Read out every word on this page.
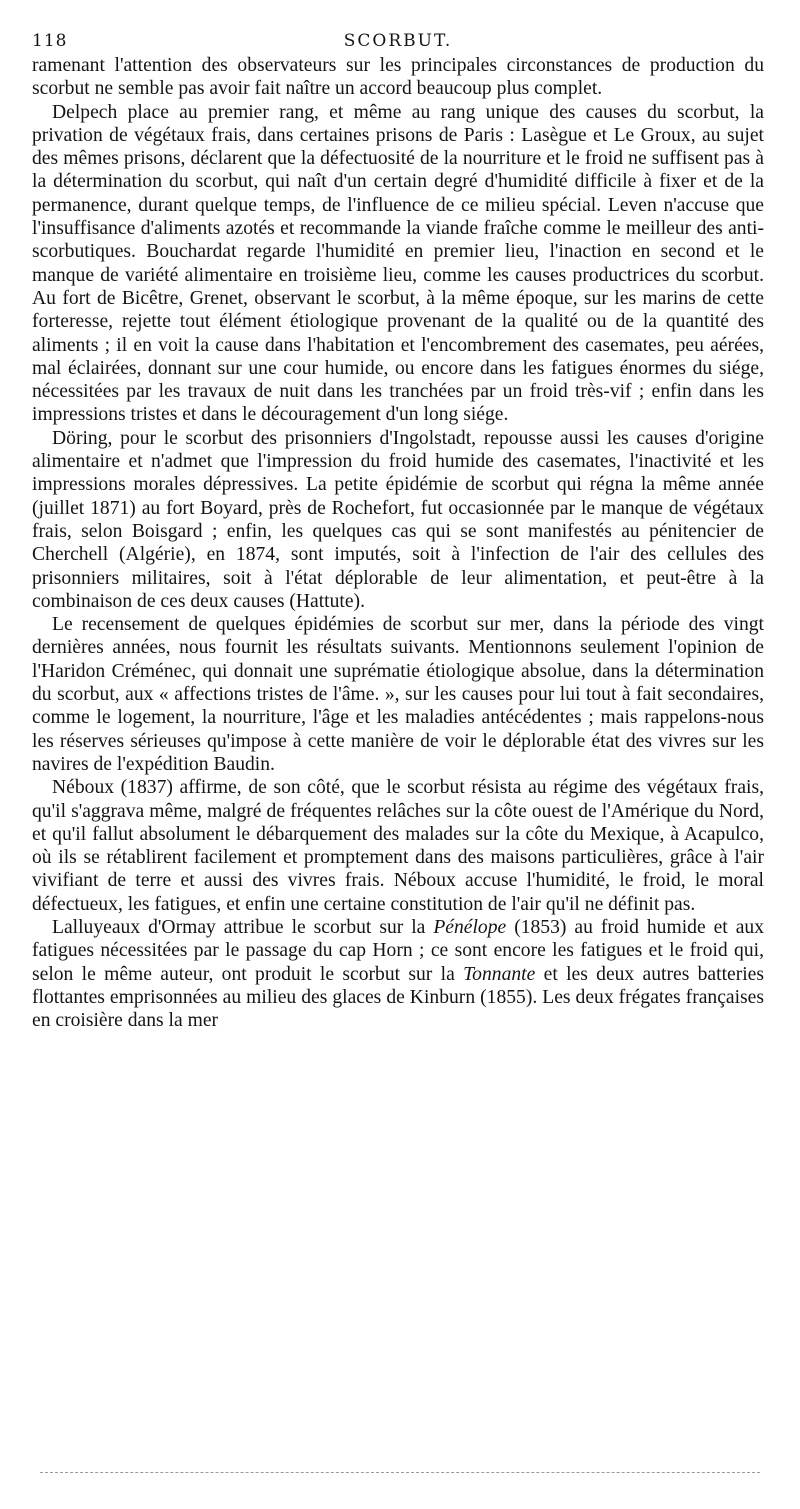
118	SCORBUT.

ramenant l'attention des observateurs sur les principales circonstances de production du scorbut ne semble pas avoir fait naître un accord beaucoup plus complet.

Delpech place au premier rang, et même au rang unique des causes du scorbut, la privation de végétaux frais, dans certaines prisons de Paris : Lasègue et Le Groux, au sujet des mêmes prisons, déclarent que la défectuosité de la nourriture et le froid ne suffisent pas à la détermination du scorbut, qui naît d'un certain degré d'humidité difficile à fixer et de la permanence, durant quelque temps, de l'influence de ce milieu spécial. Leven n'accuse que l'insuffisance d'aliments azotés et recommande la viande fraîche comme le meilleur des anti-scorbutiques. Bouchardat regarde l'humidité en premier lieu, l'inaction en second et le manque de variété alimentaire en troisième lieu, comme les causes productrices du scorbut. Au fort de Bicêtre, Grenet, observant le scorbut, à la même époque, sur les marins de cette forteresse, rejette tout élément étiologique provenant de la qualité ou de la quantité des aliments ; il en voit la cause dans l'habitation et l'encombrement des casemates, peu aérées, mal éclairées, donnant sur une cour humide, ou encore dans les fatigues énormes du siége, nécessitées par les travaux de nuit dans les tranchées par un froid très-vif ; enfin dans les impressions tristes et dans le découragement d'un long siége.

Döring, pour le scorbut des prisonniers d'Ingolstadt, repousse aussi les causes d'origine alimentaire et n'admet que l'impression du froid humide des casemates, l'inactivité et les impressions morales dépressives. La petite épidémie de scorbut qui régna la même année (juillet 1871) au fort Boyard, près de Rochefort, fut occasionnée par le manque de végétaux frais, selon Boisgard ; enfin, les quelques cas qui se sont manifestés au pénitencier de Cherchell (Algérie), en 1874, sont imputés, soit à l'infection de l'air des cellules des prisonniers militaires, soit à l'état déplorable de leur alimentation, et peut-être à la combinaison de ces deux causes (Hattute).

Le recensement de quelques épidémies de scorbut sur mer, dans la période des vingt dernières années, nous fournit les résultats suivants. Mentionnons seulement l'opinion de l'Haridon Créménec, qui donnait une suprématie étiologique absolue, dans la détermination du scorbut, aux « affections tristes de l'âme. », sur les causes pour lui tout à fait secondaires, comme le logement, la nourriture, l'âge et les maladies antécédentes ; mais rappelons-nous les réserves sérieuses qu'impose à cette manière de voir le déplorable état des vivres sur les navires de l'expédition Baudin.

Néboux (1837) affirme, de son côté, que le scorbut résista au régime des végétaux frais, qu'il s'aggrava même, malgré de fréquentes relâches sur la côte ouest de l'Amérique du Nord, et qu'il fallut absolument le débarquement des malades sur la côte du Mexique, à Acapulco, où ils se rétablirent facilement et promptement dans des maisons particulières, grâce à l'air vivifiant de terre et aussi des vivres frais. Néboux accuse l'humidité, le froid, le moral défectueux, les fatigues, et enfin une certaine constitution de l'air qu'il ne définit pas.

Lalluyeaux d'Ormay attribue le scorbut sur la Pénélope (1853) au froid humide et aux fatigues nécessitées par le passage du cap Horn ; ce sont encore les fatigues et le froid qui, selon le même auteur, ont produit le scorbut sur la Tonnante et les deux autres batteries flottantes emprisonnées au milieu des glaces de Kinburn (1855). Les deux frégates françaises en croisière dans la mer
